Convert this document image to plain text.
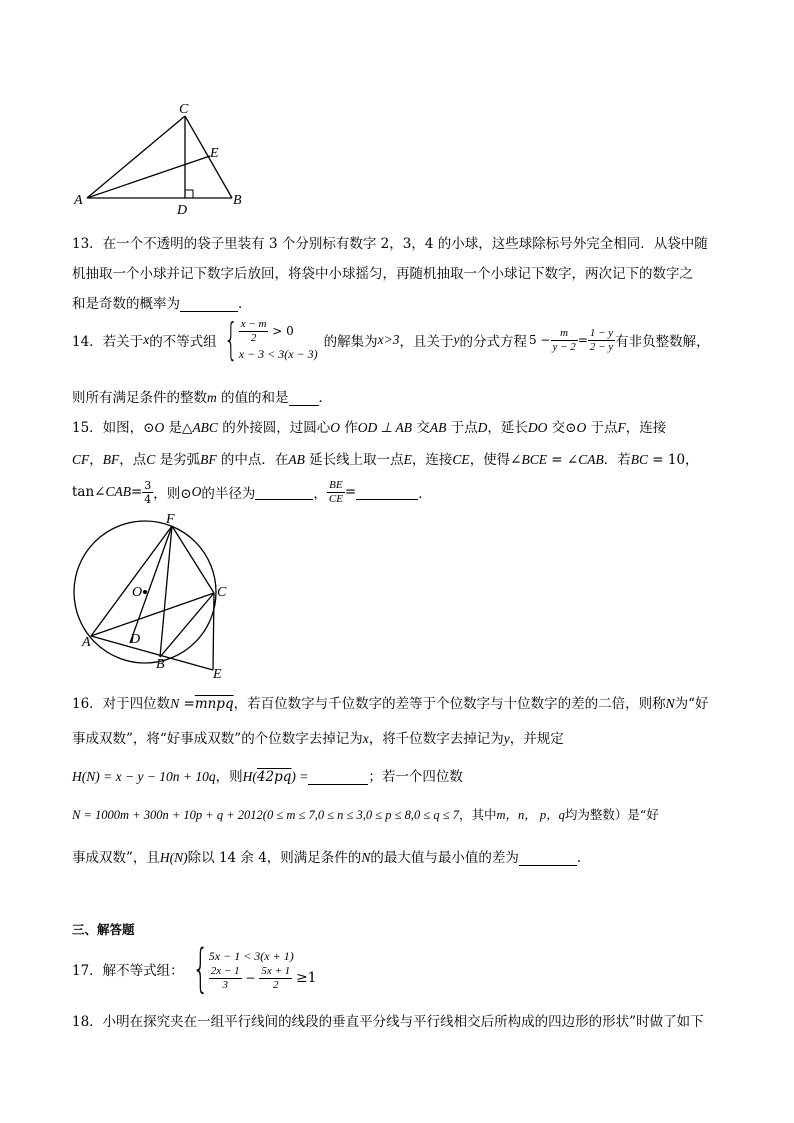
A	B
C
D
E
13．在一个不透明的袋子里装有 3 个分别标有数字 2，3，4 的小球，这些球除标号外完全相同．从袋中随
机抽取一个小球并记下数字后放回，将袋中小球摇匀，再随机抽取一个小球记下数字，两次记下的数字之
和是奇数的概率为	．
14．若关于 x 的不等式组 { $\frac{x - m}{2} > 0$
x − 3 < 3(x − 3)
的解集为 x>3 ，且关于 y 的分式方程 $5 - \frac{m}{y - 2} = \frac{1 - y}{2 - y}$ 有非负整数解，
则所有满足条件的整数m 的值的和是 ．
15．如图，⊙O 是△ABC 的外接圆，过圆心O 作OD ⊥ AB 交AB 于点D，延长DO 交⊙O 于点F，连接
CF，BF，点C 是劣弧BF 的中点．在AB 延长线上取一点E，连接CE，使得∠BCE = ∠CAB．若BC = 10，
tan∠ CAB = $\frac{3}{4}$ ，则⊙ O 的半径为	， $\frac{BE}{CE}$ =	．
F
O	C
A	D
B
E
16．对于四位数N =mnpq，若百位数字与千位数字的差等于个位数字与十位数字的差的二倍，则称N为“好
事成双数”，将“好事成双数”的个位数字去掉记为x，将千位数字去掉记为y，并规定
H(N) = x − y − 10n + 10q，则H(42pq) =	；若一个四位数
N = 1000m + 300n + 10p + q + 2012(0 ≤ m ≤ 7,0 ≤ n ≤ 3,0 ≤ p ≤ 8,0 ≤ q ≤ 7，其中m，n， p，q均为整数）是“好
事成双数”，且H(N)除以 14 余 4，则满足条件的N的最大值与最小值的差为	．
三、解答题
17．解不等式组： { 5x − 1 < 3(x + 1)
$\frac{2x - 1}{3} - \frac{5x + 1}{2} \ge 1$
18．小明在探究夹在一组平行线间的线段的垂直平分线与平行线相交后所构成的四边形的形状”时做了如下
